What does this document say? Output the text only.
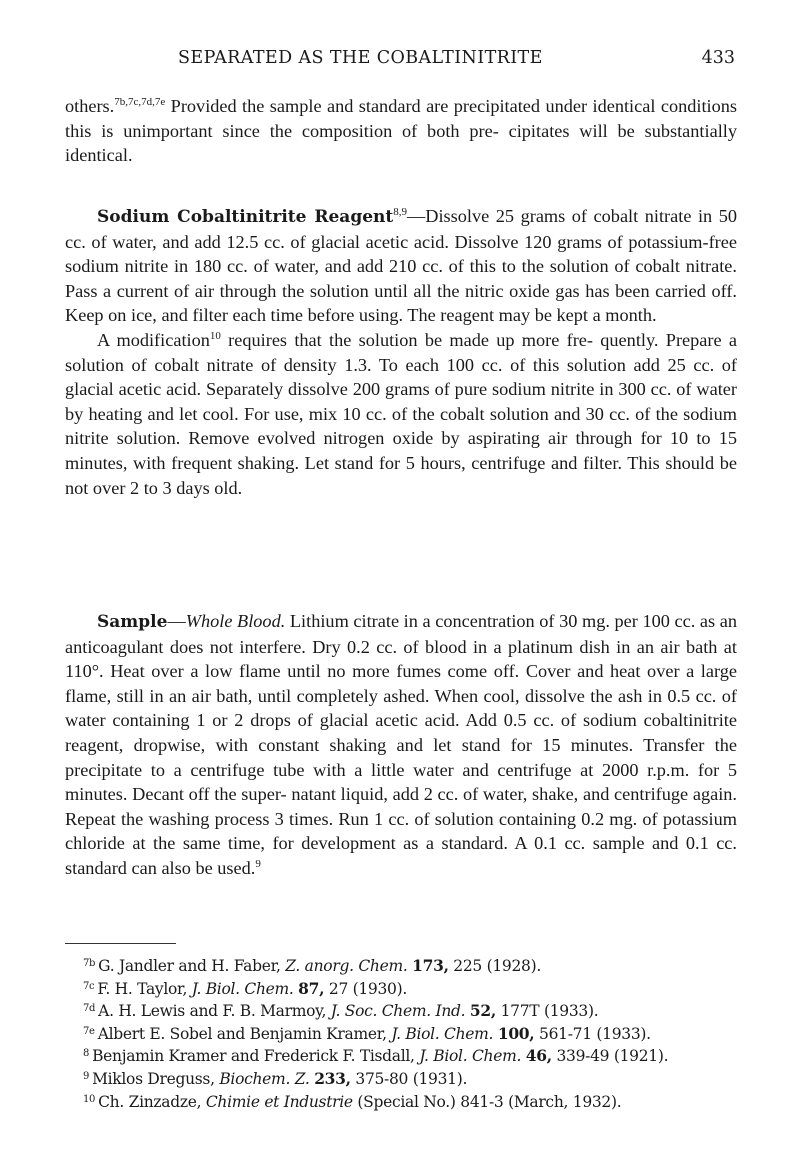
SEPARATED AS THE COBALTINITRITE	433

others.$^{7b,7c,7d,7e}$ Provided the sample and standard are precipitated under identical conditions this is unimportant since the composition of both pre- cipitates will be substantially identical.

Sodium Cobaltinitrite Reagent$^{8,9}$—Dissolve 25 grams of cobalt nitrate in 50 cc. of water, and add 12.5 cc. of glacial acetic acid. Dissolve 120 grams of potassium-free sodium nitrite in 180 cc. of water, and add 210 cc. of this to the solution of cobalt nitrate. Pass a current of air through the solution until all the nitric oxide gas has been carried off. Keep on ice, and filter each time before using. The reagent may be kept a month.

A modification$^{10}$ requires that the solution be made up more fre- quently. Prepare a solution of cobalt nitrate of density 1.3. To each 100 cc. of this solution add 25 cc. of glacial acetic acid. Separately dissolve 200 grams of pure sodium nitrite in 300 cc. of water by heating and let cool. For use, mix 10 cc. of the cobalt solution and 30 cc. of the sodium nitrite solution. Remove evolved nitrogen oxide by aspirating air through for 10 to 15 minutes, with frequent shaking. Let stand for 5 hours, centrifuge and filter. This should be not over 2 to 3 days old.

Sample—Whole Blood. Lithium citrate in a concentration of 30 mg. per 100 cc. as an anticoagulant does not interfere. Dry 0.2 cc. of blood in a platinum dish in an air bath at 110°. Heat over a low flame until no more fumes come off. Cover and heat over a large flame, still in an air bath, until completely ashed. When cool, dissolve the ash in 0.5 cc. of water containing 1 or 2 drops of glacial acetic acid. Add 0.5 cc. of sodium cobaltinitrite reagent, dropwise, with constant shaking and let stand for 15 minutes. Transfer the precipitate to a centrifuge tube with a little water and centrifuge at 2000 r.p.m. for 5 minutes. Decant off the super- natant liquid, add 2 cc. of water, shake, and centrifuge again. Repeat the washing process 3 times. Run 1 cc. of solution containing 0.2 mg. of potassium chloride at the same time, for development as a standard. A 0.1 cc. sample and 0.1 cc. standard can also be used.$^9$

$^{7b}$ G. Jandler and H. Faber, Z. anorg. Chem. 173, 225 (1928).

$^{7c}$ F. H. Taylor, J. Biol. Chem. 87, 27 (1930).

$^{7d}$ A. H. Lewis and F. B. Marmoy, J. Soc. Chem. Ind. 52, 177T (1933).

$^{7e}$ Albert E. Sobel and Benjamin Kramer, J. Biol. Chem. 100, 561-71 (1933).

$^8$ Benjamin Kramer and Frederick F. Tisdall, J. Biol. Chem. 46, 339-49 (1921).

$^9$ Miklos Dreguss, Biochem. Z. 233, 375-80 (1931).

$^{10}$ Ch. Zinzadze, Chimie et Industrie (Special No.) 841-3 (March, 1932).
